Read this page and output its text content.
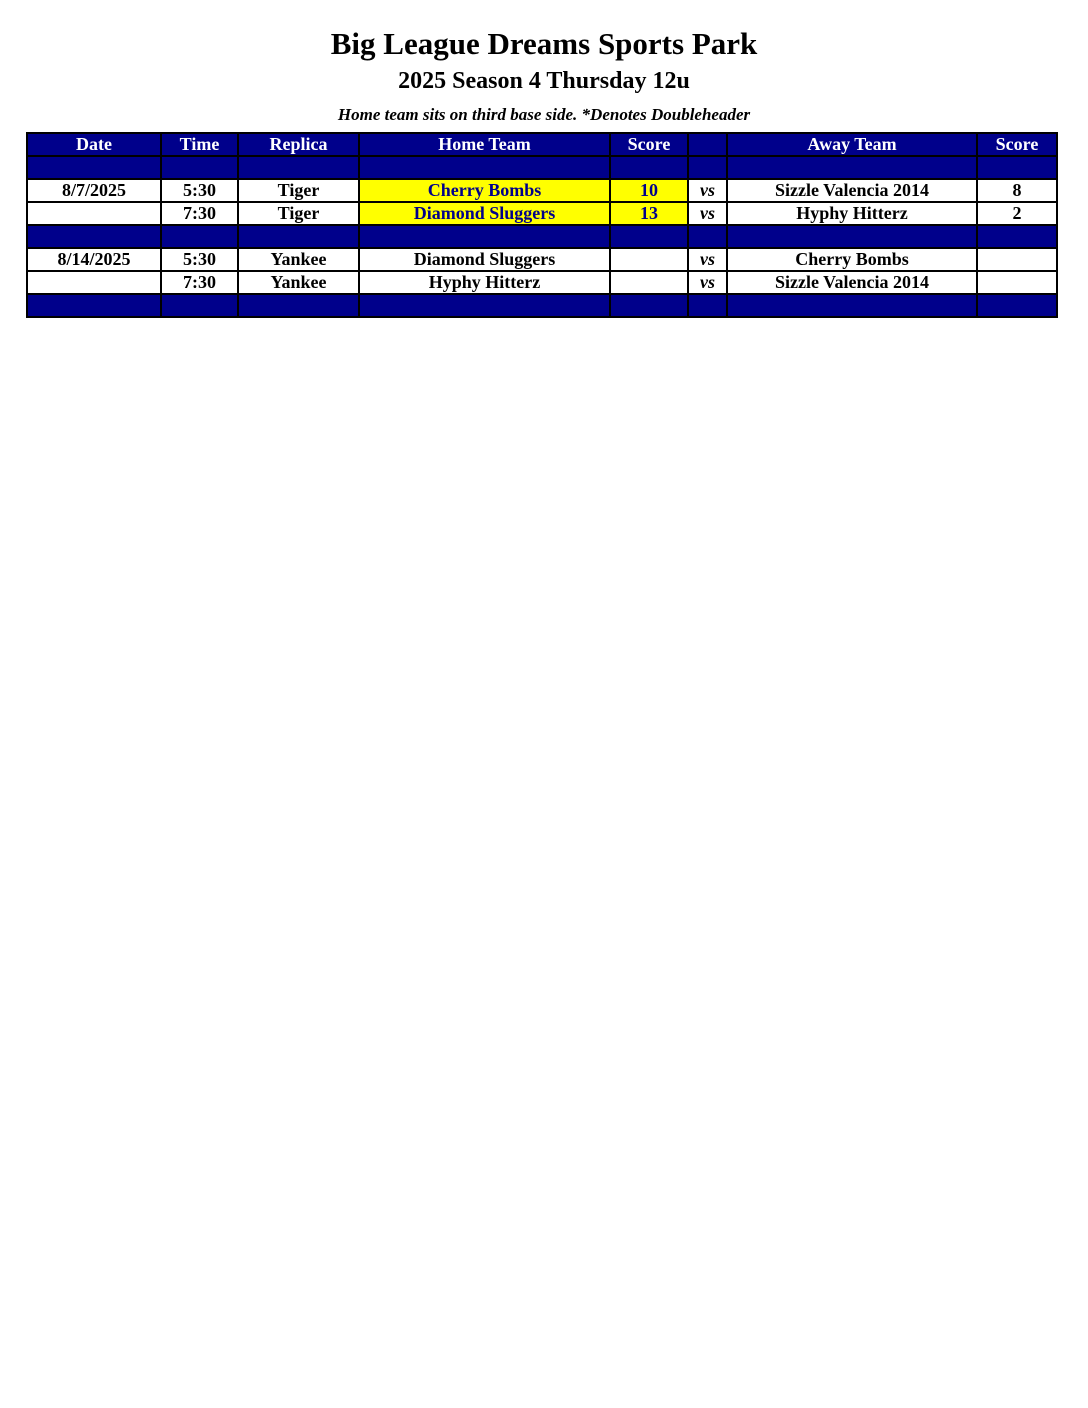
Big League Dreams Sports Park
2025 Season 4 Thursday 12u
Home team sits on third base side. *Denotes Doubleheader
Date	Time	Replica	Home Team	Score		Away Team	Score

8/7/2025	5:30	Tiger	Cherry Bombs	10	vs	Sizzle Valencia 2014	8
	7:30	Tiger	Diamond Sluggers	13	vs	Hyphy Hitterz	2

8/14/2025	5:30	Yankee	Diamond Sluggers		vs	Cherry Bombs	
	7:30	Yankee	Hyphy Hitterz		vs	Sizzle Valencia 2014	
